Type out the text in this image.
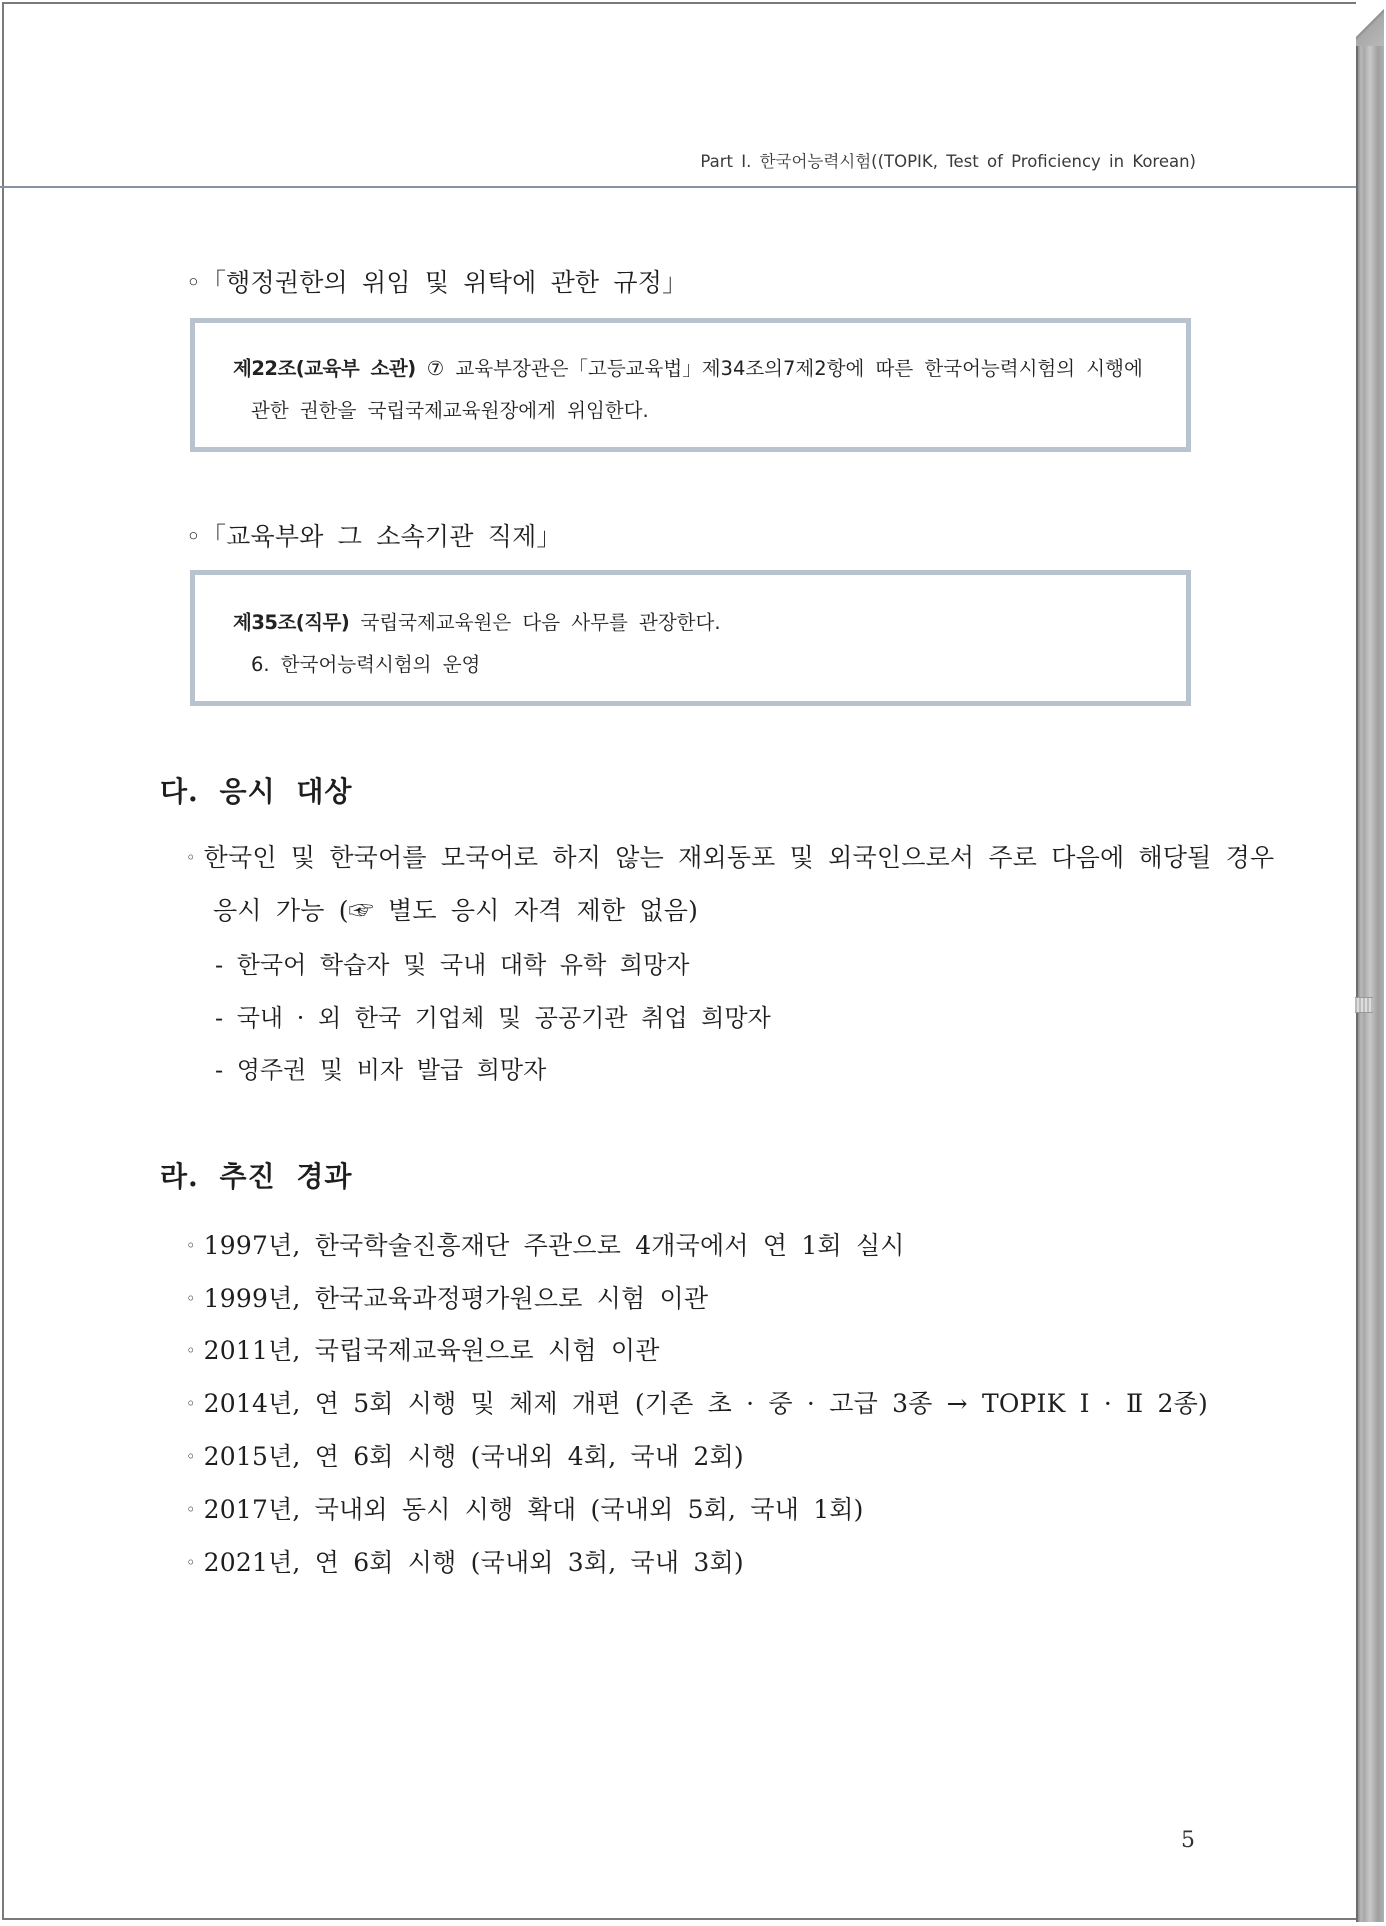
Part Ⅰ. 한국어능력시험((TOPIK, Test of Proficiency in Korean)
◦「행정권한의 위임 및 위탁에 관한 규정」
제22조(교육부 소관) ⑦ 교육부장관은「고등교육법」제34조의7제2항에 따른 한국어능력시험의 시행에
관한 권한을 국립국제교육원장에게 위임한다.
◦「교육부와 그 소속기관 직제」
제35조(직무) 국립국제교육원은 다음 사무를 관장한다.
6. 한국어능력시험의 운영
다. 응시 대상
◦ 한국인 및 한국어를 모국어로 하지 않는 재외동포 및 외국인으로서 주로 다음에 해당될 경우
응시 가능 (☞ 별도 응시 자격 제한 없음)
- 한국어 학습자 및 국내 대학 유학 희망자
- 국내 · 외 한국 기업체 및 공공기관 취업 희망자
- 영주권 및 비자 발급 희망자
라. 추진 경과
◦ 1997년, 한국학술진흥재단 주관으로 4개국에서 연 1회 실시
◦ 1999년, 한국교육과정평가원으로 시험 이관
◦ 2011년, 국립국제교육원으로 시험 이관
◦ 2014년, 연 5회 시행 및 체제 개편 (기존 초 · 중 · 고급 3종 → TOPIK Ⅰ · Ⅱ 2종)
◦ 2015년, 연 6회 시행 (국내외 4회, 국내 2회)
◦ 2017년, 국내외 동시 시행 확대 (국내외 5회, 국내 1회)
◦ 2021년, 연 6회 시행 (국내외 3회, 국내 3회)
5
